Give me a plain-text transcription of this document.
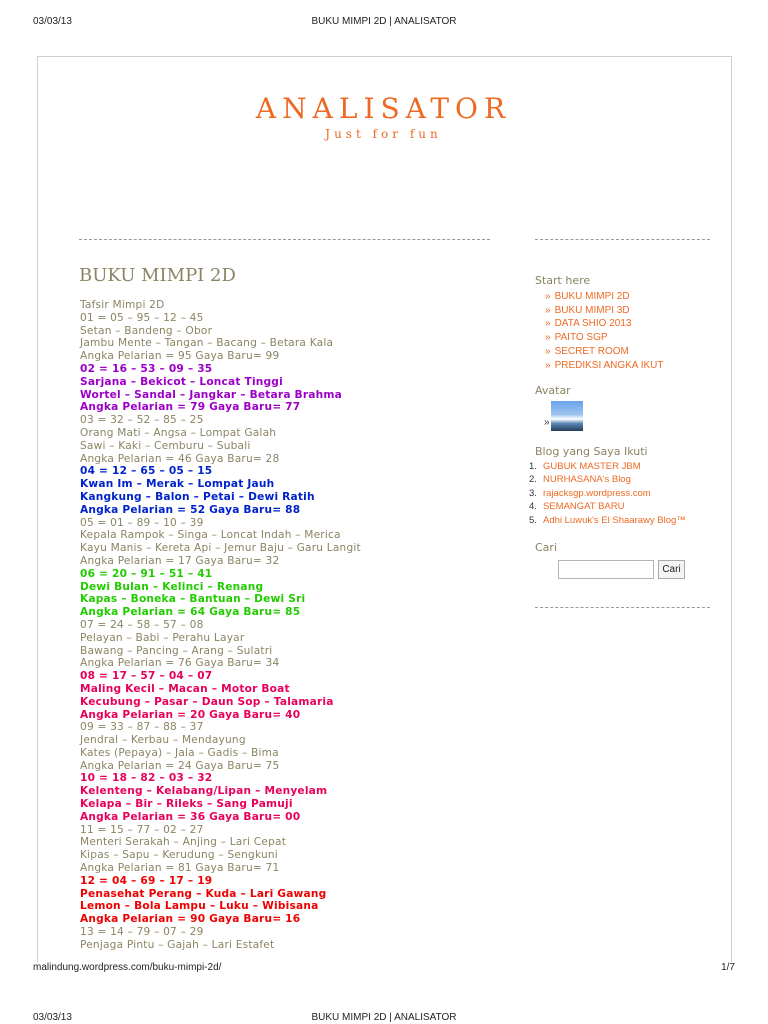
03/03/13	BUKU MIMPI 2D | ANALISATOR
ANALISATOR
Just for fun
BUKU MIMPI 2D
Tafsir Mimpi 2D
01 = 05 – 95 – 12 – 45
Setan – Bandeng – Obor
Jambu Mente – Tangan – Bacang – Betara Kala
Angka Pelarian = 95 Gaya Baru= 99
02 = 16 – 53 – 09 – 35
Sarjana – Bekicot – Loncat Tinggi
Wortel – Sandal – Jangkar – Betara Brahma
Angka Pelarian = 79 Gaya Baru= 77
03 = 32 – 52 – 85 – 25
Orang Mati – Angsa – Lompat Galah
Sawi – Kaki – Cemburu – Subali
Angka Pelarian = 46 Gaya Baru= 28
04 = 12 – 65 – 05 – 15
Kwan Im – Merak – Lompat Jauh
Kangkung – Balon – Petai – Dewi Ratih
Angka Pelarian = 52 Gaya Baru= 88
05 = 01 – 89 – 10 – 39
Kepala Rampok – Singa – Loncat Indah – Merica
Kayu Manis – Kereta Api – Jemur Baju – Garu Langit
Angka Pelarian = 17 Gaya Baru= 32
06 = 20 – 91 – 51 – 41
Dewi Bulan – Kelinci – Renang
Kapas – Boneka – Bantuan – Dewi Sri
Angka Pelarian = 64 Gaya Baru= 85
07 = 24 – 58 – 57 – 08
Pelayan – Babi – Perahu Layar
Bawang – Pancing – Arang – Sulatri
Angka Pelarian = 76 Gaya Baru= 34
08 = 17 – 57 – 04 – 07
Maling Kecil – Macan – Motor Boat
Kecubung – Pasar – Daun Sop – Talamaria
Angka Pelarian = 20 Gaya Baru= 40
09 = 33 – 87 – 88 – 37
Jendral – Kerbau – Mendayung
Kates (Pepaya) – Jala – Gadis – Bima
Angka Pelarian = 24 Gaya Baru= 75
10 = 18 – 82 – 03 – 32
Kelenteng – Kelabang/Lipan – Menyelam
Kelapa – Bir – Rileks – Sang Pamuji
Angka Pelarian = 36 Gaya Baru= 00
11 = 15 – 77 – 02 – 27
Menteri Serakah – Anjing – Lari Cepat
Kipas – Sapu – Kerudung – Sengkuni
Angka Pelarian = 81 Gaya Baru= 71
12 = 04 – 69 – 17 – 19
Penasehat Perang – Kuda – Lari Gawang
Lemon – Bola Lampu – Luku – Wibisana
Angka Pelarian = 90 Gaya Baru= 16
13 = 14 – 79 – 07 – 29
Penjaga Pintu – Gajah – Lari Estafet
Start here
» BUKU MIMPI 2D
» BUKU MIMPI 3D
» DATA SHIO 2013
» PAITO SGP
» SECRET ROOM
» PREDIKSI ANGKA IKUT
Avatar
»
Blog yang Saya Ikuti
1. GUBUK MASTER JBM
2. NURHASANA's Blog
3. rajacksgp.wordpress.com
4. SEMANGAT BARU
5. Adhi Luwuk's El Shaarawy Blog™
Cari
Cari
malindung.wordpress.com/buku-mimpi-2d/	1/7
03/03/13	BUKU MIMPI 2D | ANALISATOR
